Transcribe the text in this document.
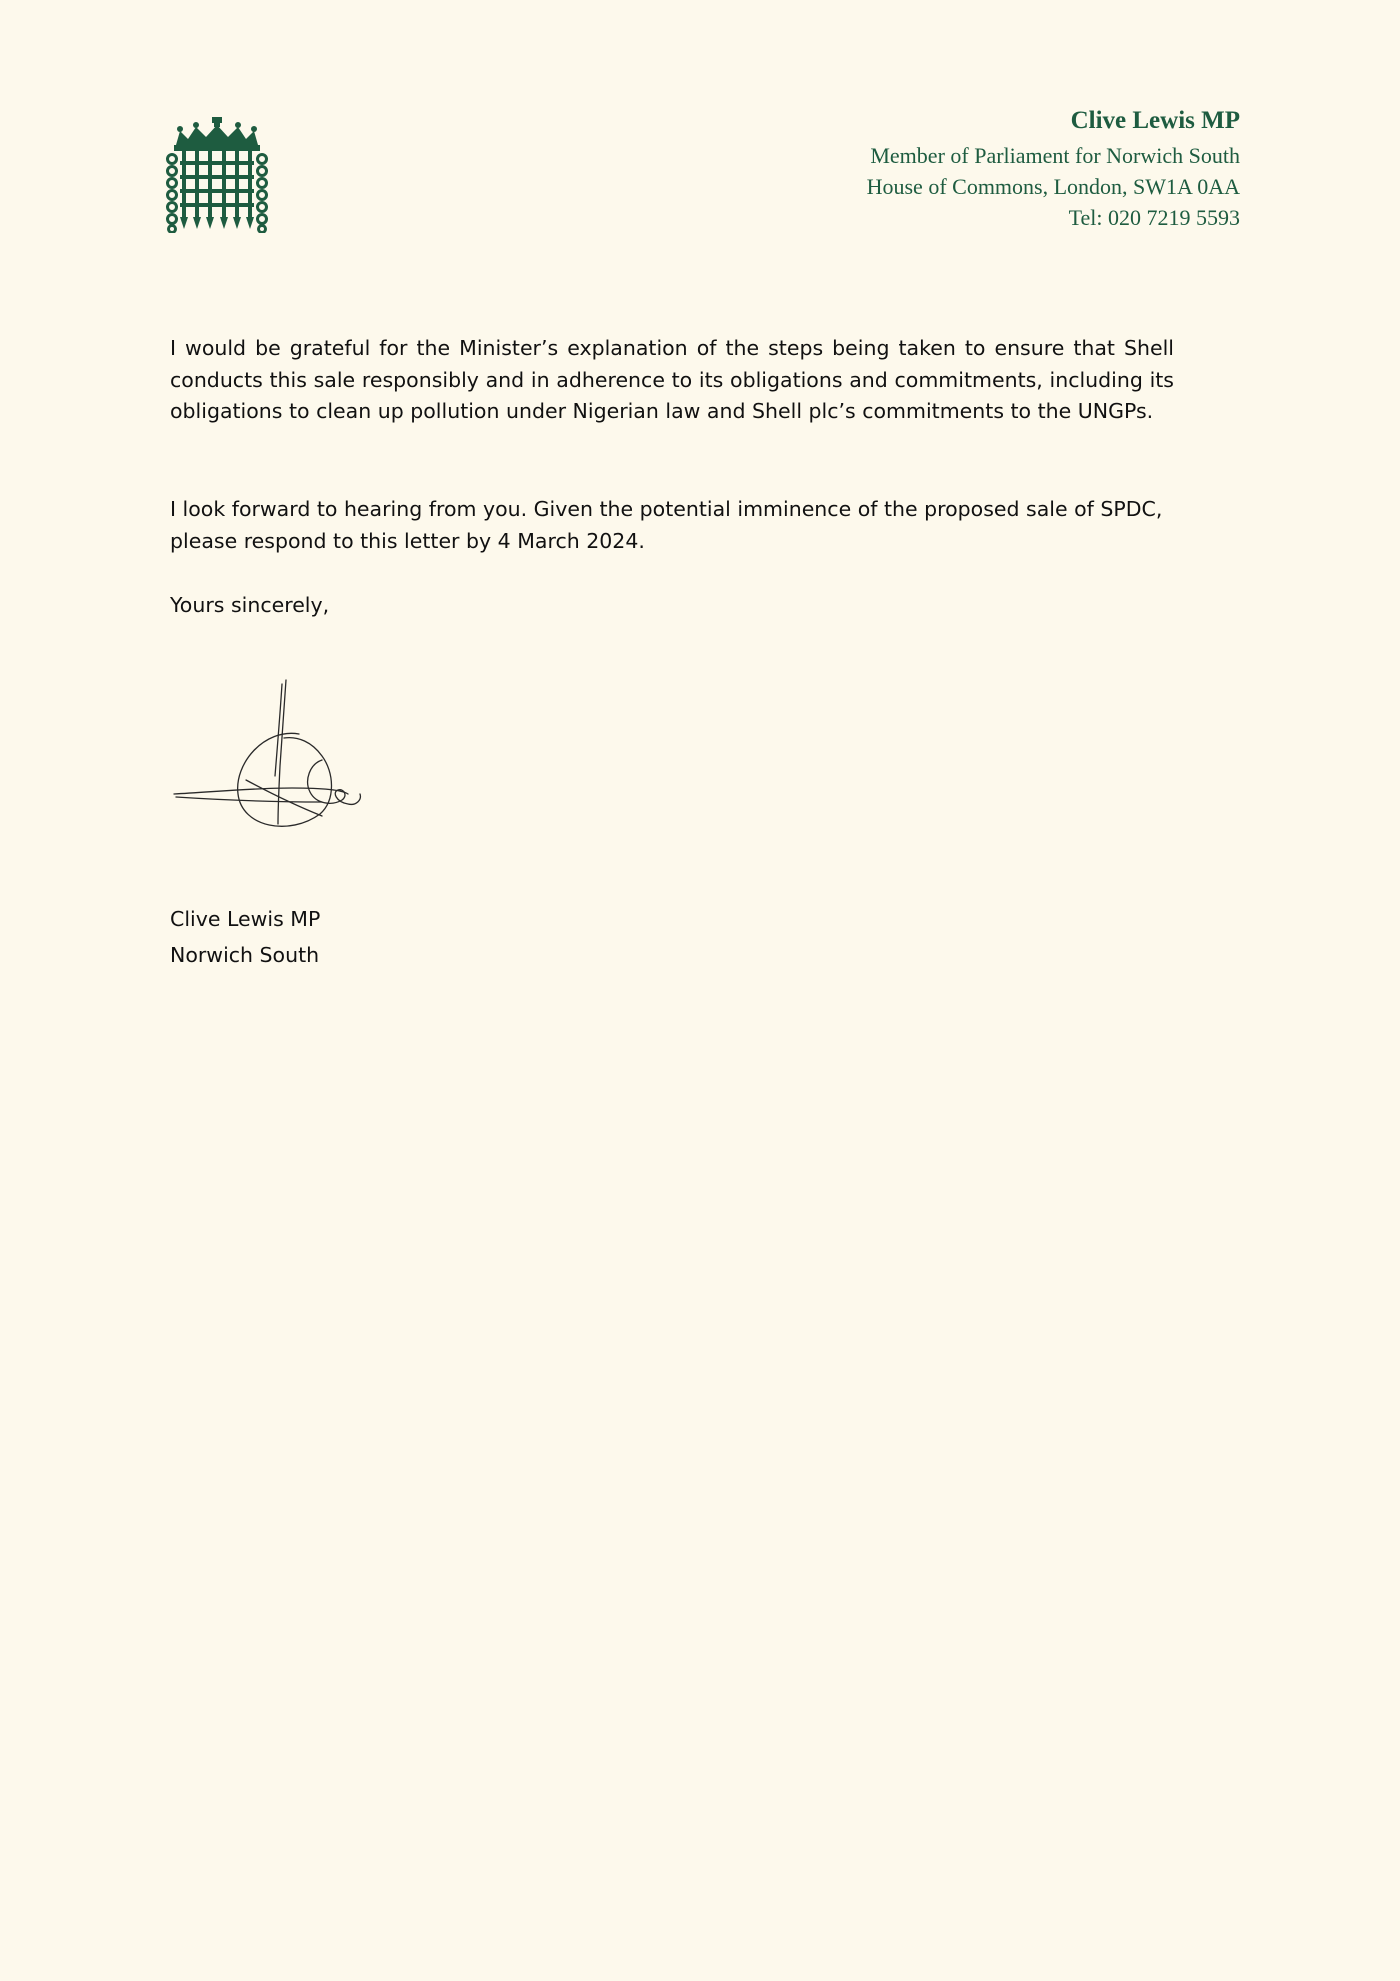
Clive Lewis MP
Member of Parliament for Norwich South
House of Commons, London, SW1A 0AA
Tel: 020 7219 5593

I would be grateful for the Minister’s explanation of the steps being taken to ensure that Shell conducts this sale responsibly and in adherence to its obligations and commitments, including its obligations to clean up pollution under Nigerian law and Shell plc’s commitments to the UNGPs.

I look forward to hearing from you. Given the potential imminence of the proposed sale of SPDC,
please respond to this letter by 4 March 2024.
Yours sincerely,
Clive Lewis MP
Norwich South
